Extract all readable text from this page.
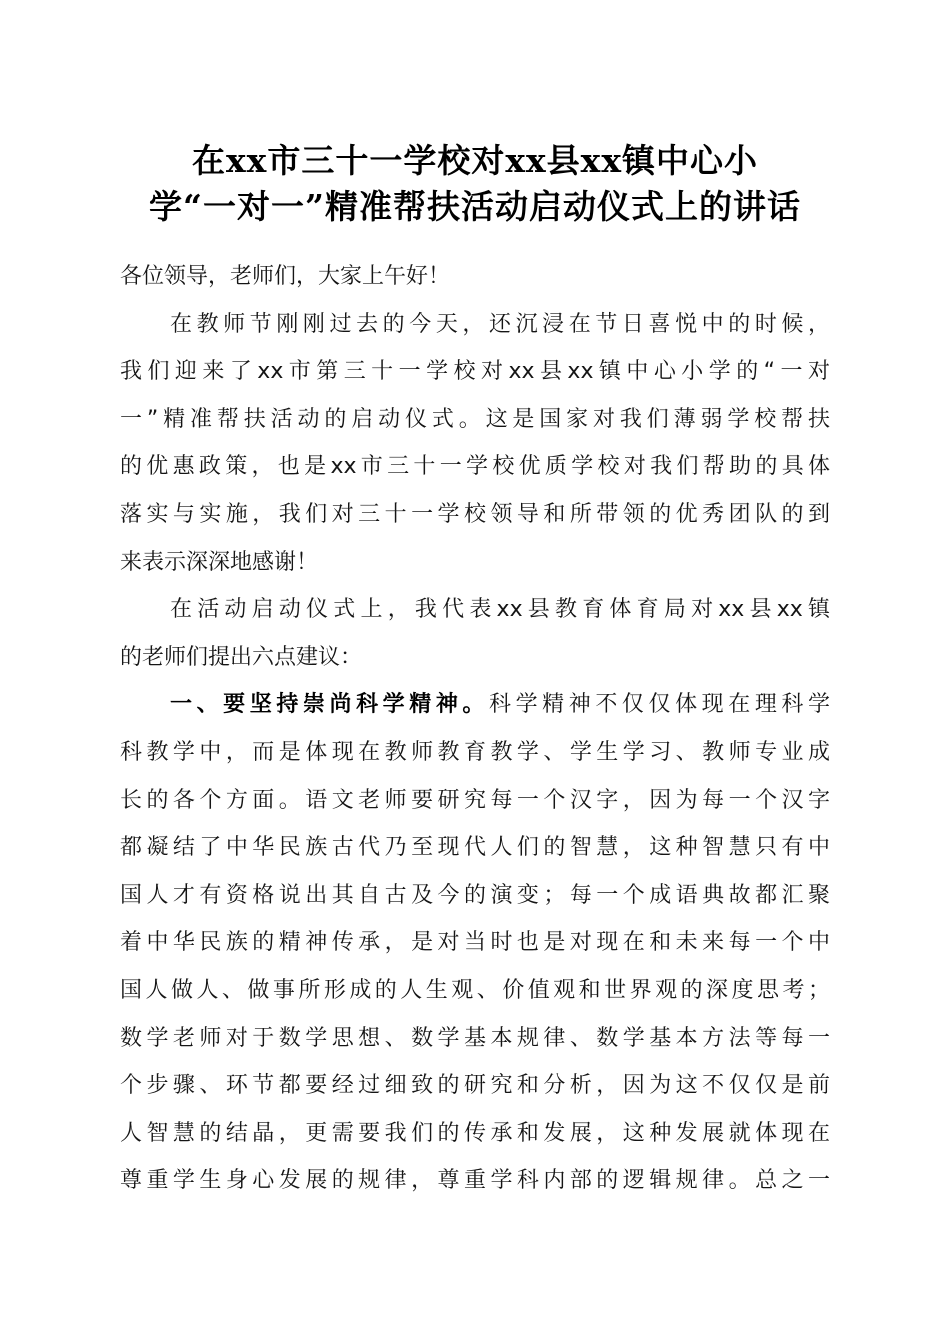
在xx市三十一学校对xx县xx镇中心小
学“一对一”精准帮扶活动启动仪式上的讲话
各位领导，老师们，大家上午好！
在教师节刚刚过去的今天，还沉浸在节日喜悦中的时候，
我们迎来了xx市第三十一学校对xx县xx镇中心小学的“一对
一”精准帮扶活动的启动仪式。这是国家对我们薄弱学校帮扶
的优惠政策，也是xx市三十一学校优质学校对我们帮助的具体
落实与实施，我们对三十一学校领导和所带领的优秀团队的到
来表示深深地感谢！
在活动启动仪式上，我代表xx县教育体育局对xx县xx镇
的老师们提出六点建议：
一、要坚持崇尚科学精神。科学精神不仅仅体现在理科学
科教学中，而是体现在教师教育教学、学生学习、教师专业成
长的各个方面。语文老师要研究每一个汉字，因为每一个汉字
都凝结了中华民族古代乃至现代人们的智慧，这种智慧只有中
国人才有资格说出其自古及今的演变；每一个成语典故都汇聚
着中华民族的精神传承，是对当时也是对现在和未来每一个中
国人做人、做事所形成的人生观、价值观和世界观的深度思考；
数学老师对于数学思想、数学基本规律、数学基本方法等每一
个步骤、环节都要经过细致的研究和分析，因为这不仅仅是前
人智慧的结晶，更需要我们的传承和发展，这种发展就体现在
尊重学生身心发展的规律，尊重学科内部的逻辑规律。总之一
